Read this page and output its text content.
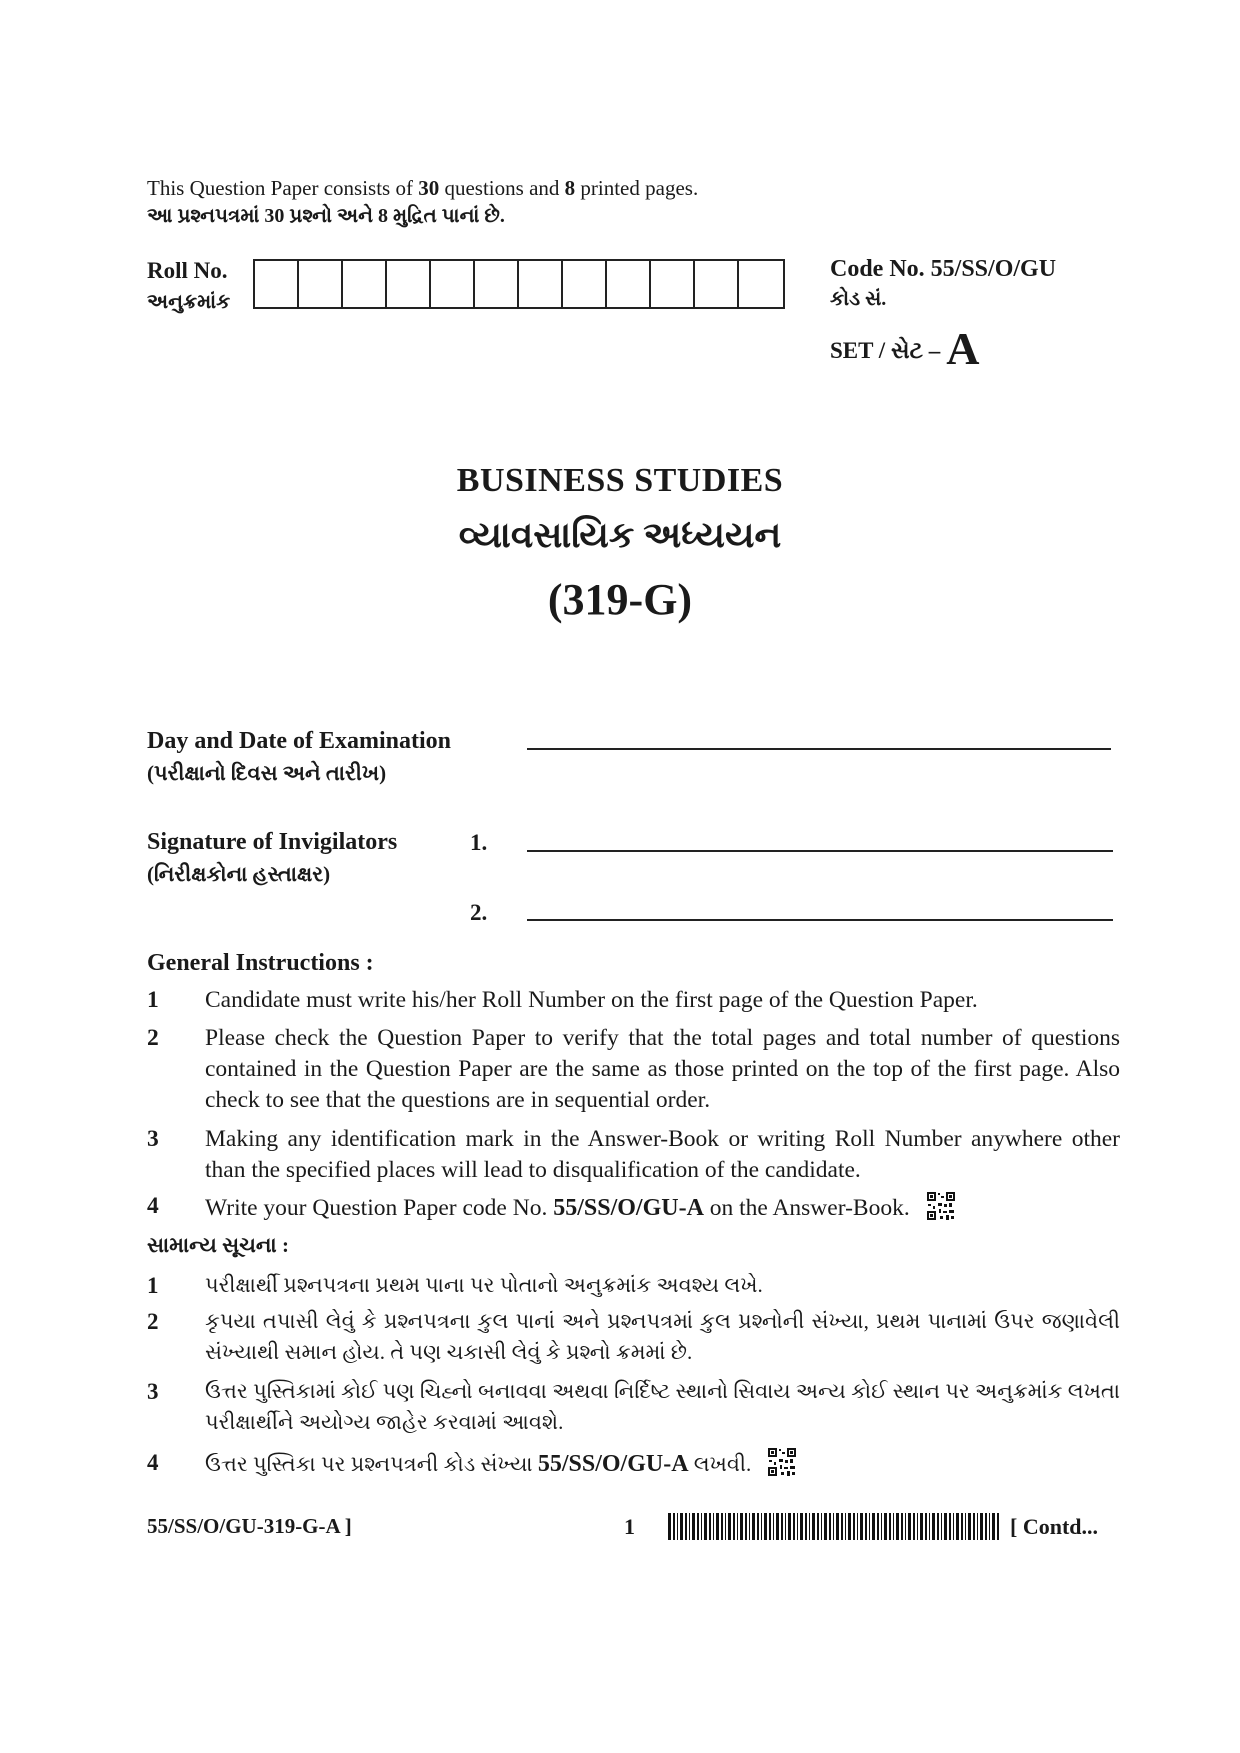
This Question Paper consists of 30 questions and 8 printed pages.
આ પ્રશ્નપત્રમાં 30 પ્રશ્નો અને 8 મુદ્રિત પાનાં છે.
Roll No.
અનુક્રમાંક
Code No. 55/SS/O/GU
કોડ સં.
SET / સેટ – A
BUSINESS STUDIES
વ્યાવસાયિક અધ્યયન
(319-G)
Day and Date of Examination
(પરીક્ષાનો દિવસ અને તારીખ)
Signature of Invigilators
(નિરીક્ષકોના હસ્તાક્ષર)
1.
2.
General Instructions :
1 Candidate must write his/her Roll Number on the first page of the Question Paper.
2 Please check the Question Paper to verify that the total pages and total number of questions contained in the Question Paper are the same as those printed on the top of the first page. Also check to see that the questions are in sequential order.
3 Making any identification mark in the Answer-Book or writing Roll Number anywhere other than the specified places will lead to disqualification of the candidate.
4 Write your Question Paper code No. 55/SS/O/GU-A on the Answer-Book.
સામાન્ય સૂચના :
1 પરીક્ષાર્થી પ્રશ્નપત્રના પ્રથમ પાના પર પોતાનો અનુક્રમાંક અવશ્ય લખે.
2 કૃપયા તપાસી લેવું કે પ્રશ્નપત્રના કુલ પાનાં અને પ્રશ્નપત્રમાં કુલ પ્રશ્નોની સંખ્યા, પ્રથમ પાનામાં ઉપર જણાવેલી સંખ્યાથી સમાન હોય. તે પણ ચકાસી લેવું કે પ્રશ્નો ક્રમમાં છે.
3 ઉત્તર પુસ્તિકામાં કોઈ પણ ચિહ્નો બનાવવા અથવા નિર્દિષ્ટ સ્થાનો સિવાય અન્ય કોઈ સ્થાન પર અનુક્રમાંક લખતા પરીક્ષાર્થીને અયોગ્ય જાહેર કરવામાં આવશે.
4 ઉત્તર પુસ્તિકા પર પ્રશ્નપત્રની કોડ સંખ્યા 55/SS/O/GU-A લખવી.
55/SS/O/GU-319-G-A ]	1	[ Contd...
